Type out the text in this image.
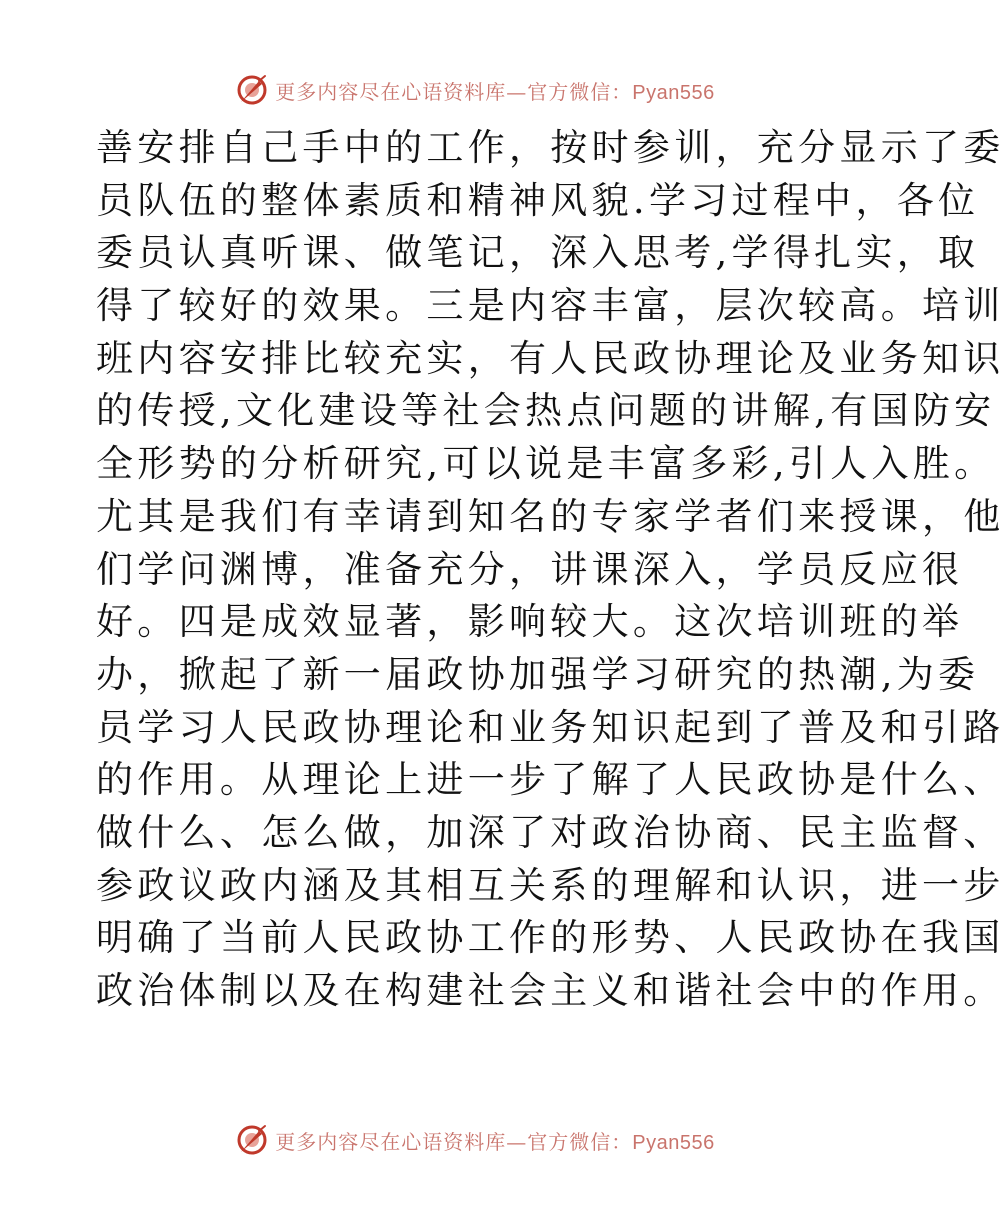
更多内容尽在心语资料库—官方微信：Pyan556
善安排自己手中的工作，按时参训，充分显示了委
员队伍的整体素质和精神风貌.学习过程中，各位
委员认真听课、做笔记，深入思考,学得扎实，取
得了较好的效果。三是内容丰富，层次较高。培训
班内容安排比较充实，有人民政协理论及业务知识
的传授,文化建设等社会热点问题的讲解,有国防安
全形势的分析研究,可以说是丰富多彩,引人入胜。
尤其是我们有幸请到知名的专家学者们来授课，他
们学问渊博，准备充分，讲课深入，学员反应很
好。四是成效显著，影响较大。这次培训班的举
办，掀起了新一届政协加强学习研究的热潮,为委
员学习人民政协理论和业务知识起到了普及和引路
的作用。从理论上进一步了解了人民政协是什么、
做什么、怎么做，加深了对政治协商、民主监督、
参政议政内涵及其相互关系的理解和认识，进一步
明确了当前人民政协工作的形势、人民政协在我国
政治体制以及在构建社会主义和谐社会中的作用。
更多内容尽在心语资料库—官方微信：Pyan556
